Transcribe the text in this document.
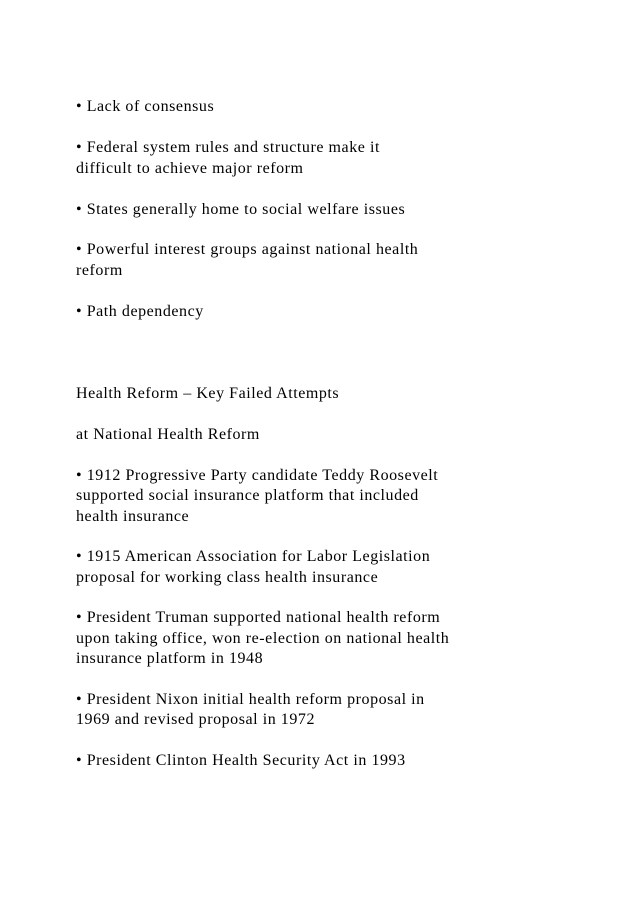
• Lack of consensus

• Federal system rules and structure make it

difficult to achieve major reform

• States generally home to social welfare issues

• Powerful interest groups against national health

reform

• Path dependency

Health Reform – Key Failed Attempts

at National Health Reform

• 1912 Progressive Party candidate Teddy Roosevelt

supported social insurance platform that included

health insurance

• 1915 American Association for Labor Legislation

proposal for working class health insurance

• President Truman supported national health reform

upon taking office, won re-election on national health

insurance platform in 1948

• President Nixon initial health reform proposal in

1969 and revised proposal in 1972

• President Clinton Health Security Act in 1993
